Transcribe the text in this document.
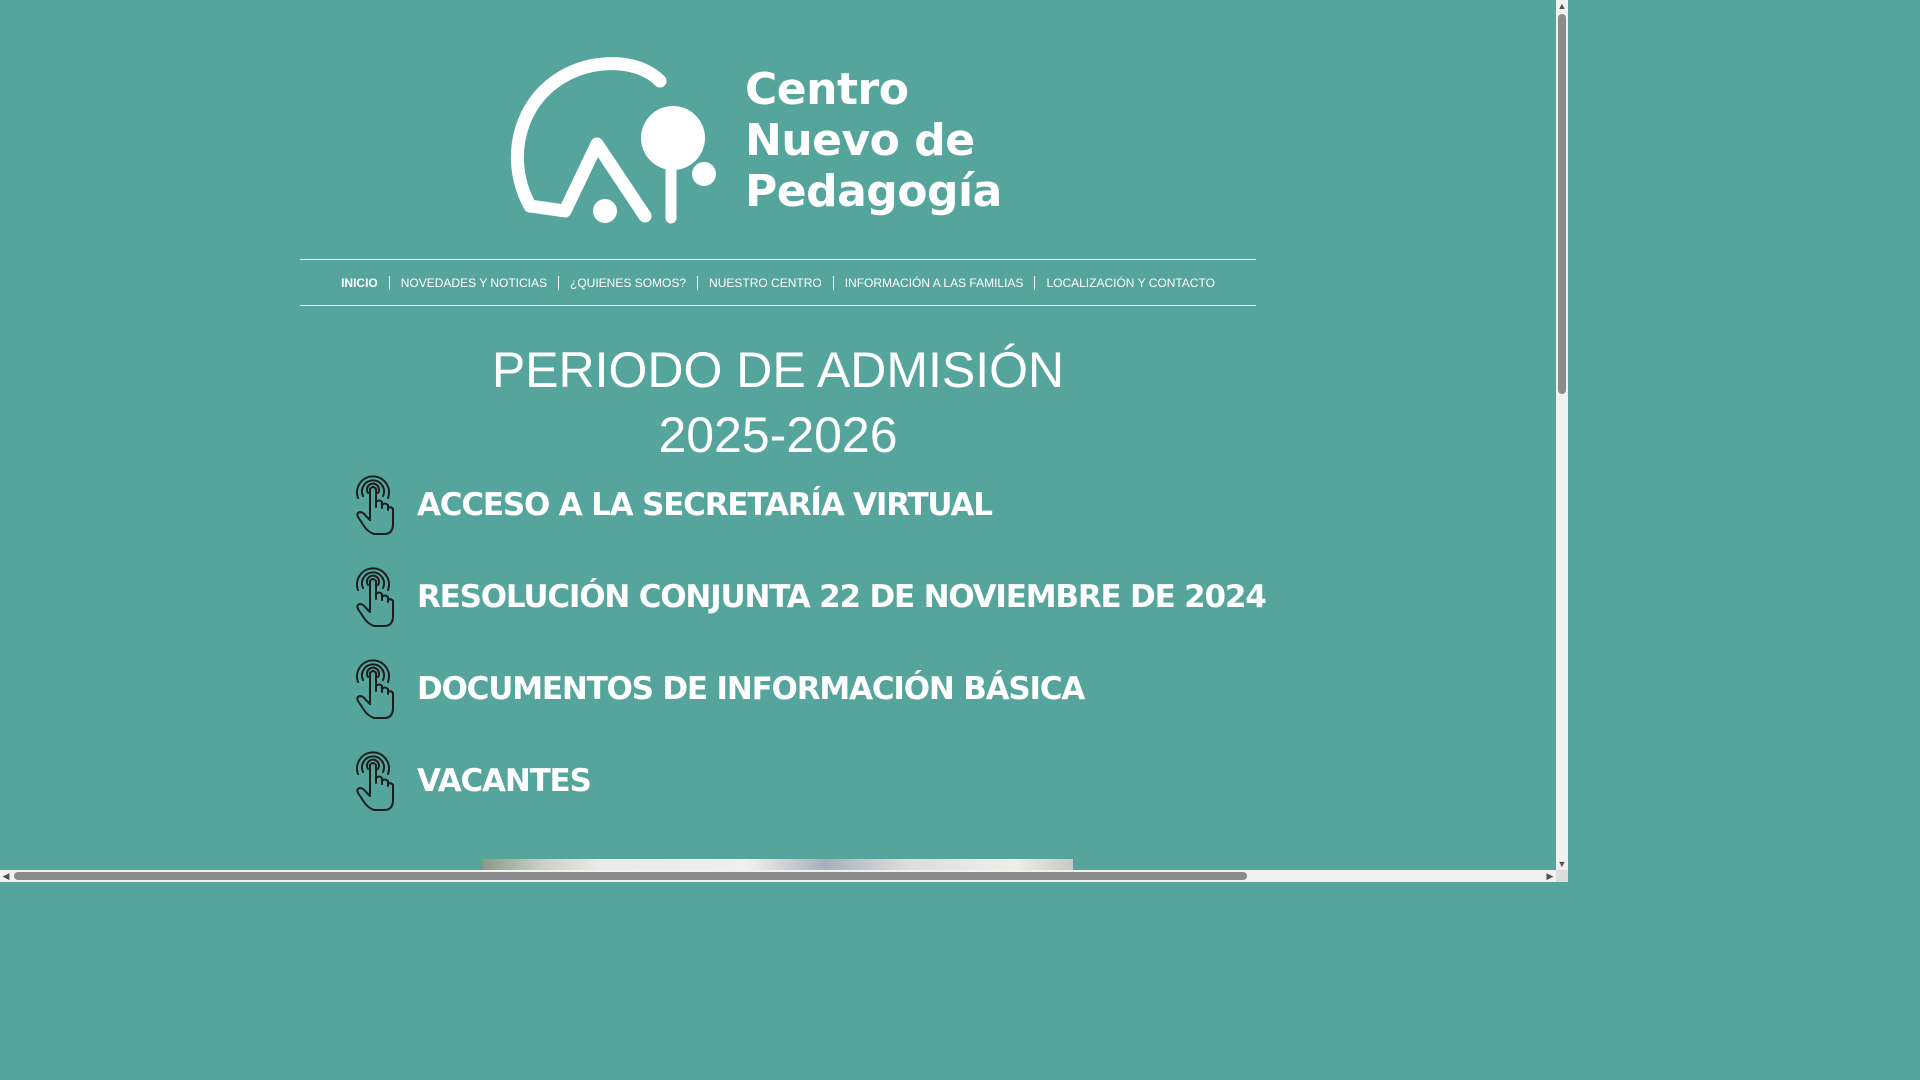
Centro
Nuevo de
Pedagogía
INICIO	NOVEDADES Y NOTICIAS	¿QUIENES SOMOS?	NUESTRO CENTRO	INFORMACIÓN A LAS FAMILIAS	LOCALIZACIÓN Y CONTACTO
PERIODO DE ADMISIÓN
2025-2026
ACCESO A LA SECRETARÍA VIRTUAL
RESOLUCIÓN CONJUNTA 22 DE NOVIEMBRE DE 2024
DOCUMENTOS DE INFORMACIÓN BÁSICA
VACANTES
▲
▼
◀	▶
